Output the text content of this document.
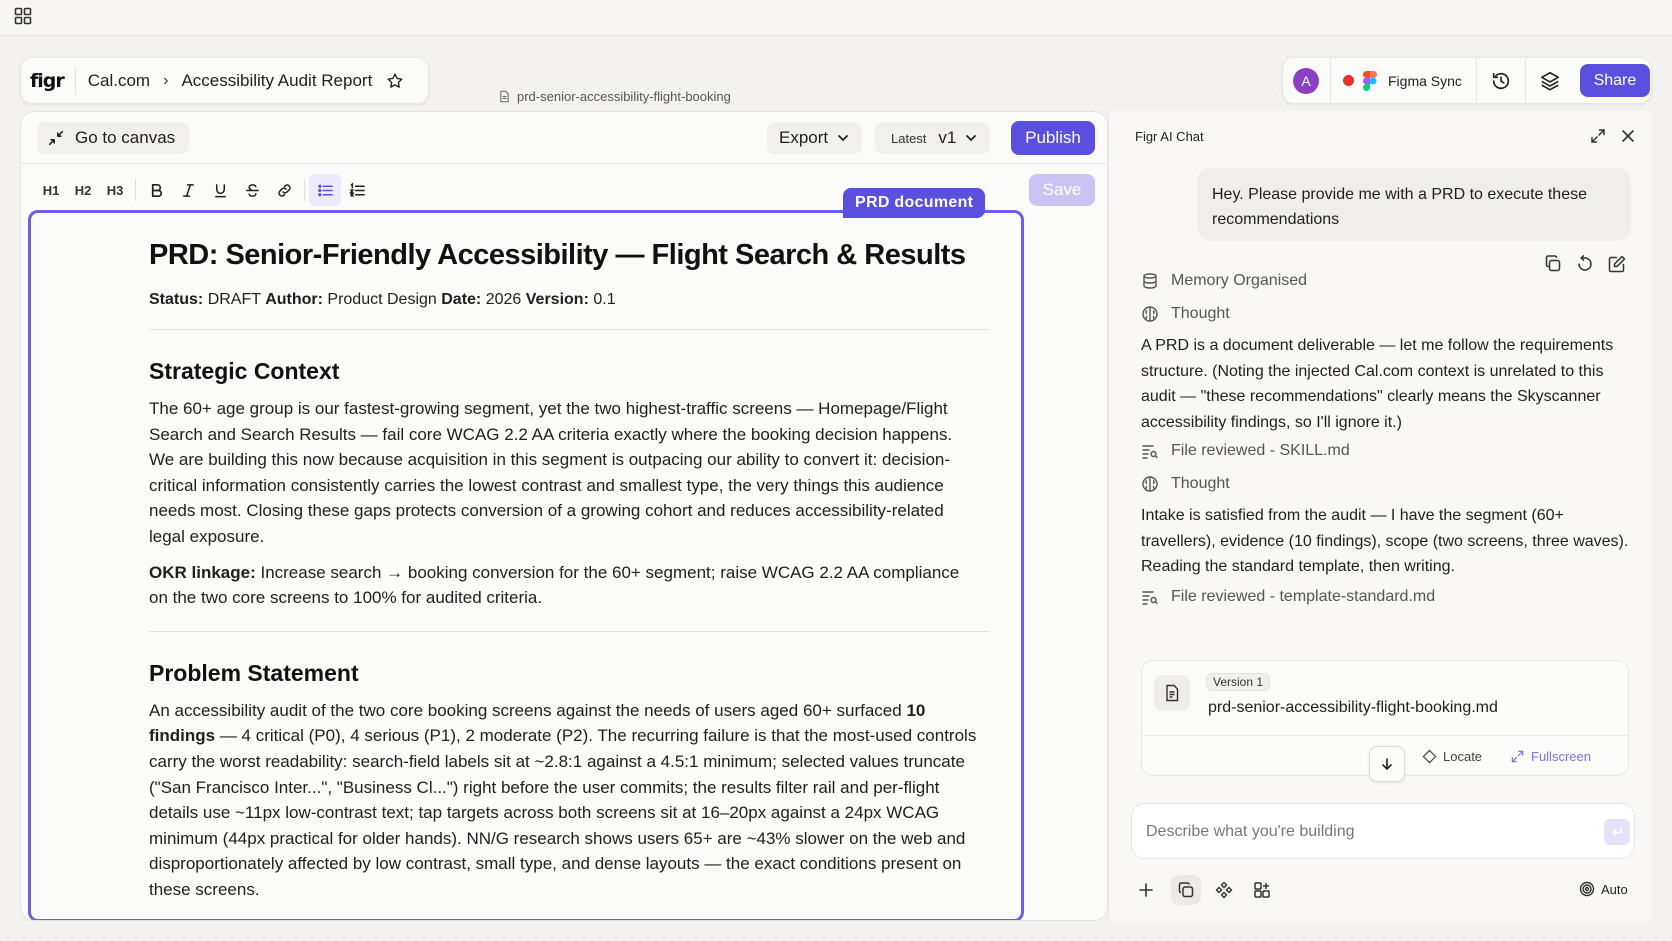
figr Cal.com › Accessibility Audit Report
prd-senior-accessibility-flight-booking
A	Figma Sync	Share
Go to canvas	Export	Latest v1	Publish
H1	H2	H3	Save
PRD document
PRD: Senior-Friendly Accessibility — Flight Search & Results
Status: DRAFT Author: Product Design Date: 2026 Version: 0.1
Strategic Context

The 60+ age group is our fastest-growing segment, yet the two highest-traffic screens — Homepage/Flight Search and Search Results — fail core WCAG 2.2 AA criteria exactly where the booking decision happens. We are building this now because acquisition in this segment is outpacing our ability to convert it: decision-critical information consistently carries the lowest contrast and smallest type, the very things this audience needs most. Closing these gaps protects conversion of a growing cohort and reduces accessibility-related legal exposure.

OKR linkage: Increase search → booking conversion for the 60+ segment; raise WCAG 2.2 AA compliance on the two core screens to 100% for audited criteria.

Problem Statement

An accessibility audit of the two core booking screens against the needs of users aged 60+ surfaced 10 findings — 4 critical (P0), 4 serious (P1), 2 moderate (P2). The recurring failure is that the most-used controls carry the worst readability: search-field labels sit at ~2.8:1 against a 4.5:1 minimum; selected values truncate ("San Francisco Inter...", "Business Cl...") right before the user commits; the results filter rail and per-flight details use ~11px low-contrast text; tap targets across both screens sit at 16–20px against a 24px WCAG minimum (44px practical for older hands). NN/G research shows users 65+ are ~43% slower on the web and disproportionately affected by low contrast, small type, and dense layouts — the exact conditions present on these screens.

Figr AI Chat
Hey. Please provide me with a PRD to execute these recommendations
Memory Organised
Thought
A PRD is a document deliverable — let me follow the requirements structure. (Noting the injected Cal.com context is unrelated to this audit — "these recommendations" clearly means the Skyscanner accessibility findings, so I'll ignore it.)
File reviewed - SKILL.md
Thought
Intake is satisfied from the audit — I have the segment (60+ travellers), evidence (10 findings), scope (two screens, three waves). Reading the standard template, then writing.
File reviewed - template-standard.md
Version 1
prd-senior-accessibility-flight-booking.md
Locate	Fullscreen
Describe what you're building
Auto
